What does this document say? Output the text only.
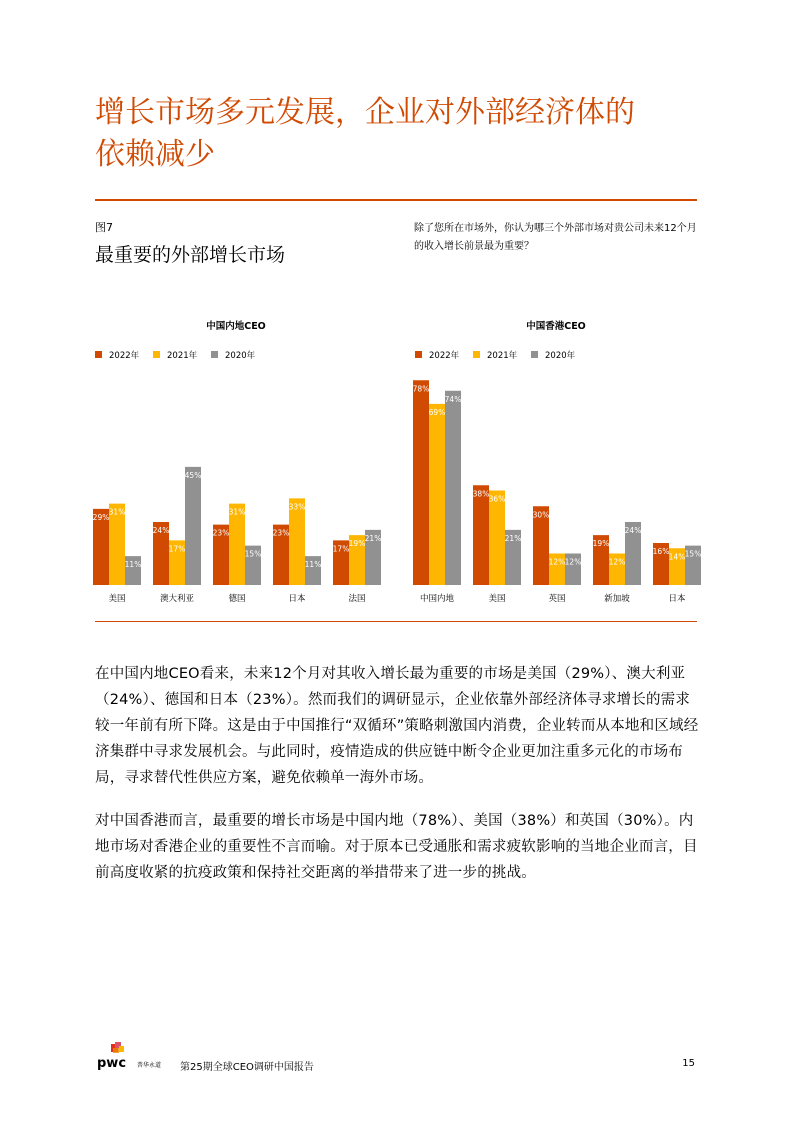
增长市场多元发展，企业对外部经济体的
依赖减少
图7
最重要的外部增长市场
除了您所在市场外，你认为哪三个外部市场对贵公司未来12个月的收入增长前景最为重要？
中国内地CEO
2022年	2021年	2020年
29%
31%
11%
美国
24%
17%
45%
澳大利亚
23%
31%
15%
德国
23%
33%
11%
日本
17%
19%
21%
法国
中国香港CEO
2022年	2021年	2020年
78%
69%
74%
中国内地
38%
36%
21%
美国
30%
12% 12%
英国
19%
12%
24%
新加坡
16%
14% 15%
日本

在中国内地CEO看来，未来12个月对其收入增长最为重要的市场是美国（29%）、澳大利亚（24%）、德国和日本（23%）。然而我们的调研显示，企业依靠外部经济体寻求增长的需求较一年前有所下降。这是由于中国推行“双循环”策略刺激国内消费，企业转而从本地和区域经济集群中寻求发展机会。与此同时，疫情造成的供应链中断令企业更加注重多元化的市场布局，寻求替代性供应方案，避免依赖单一海外市场。

对中国香港而言，最重要的增长市场是中国内地（78%）、美国（38%）和英国（30%）。内地市场对香港企业的重要性不言而喻。对于原本已受通胀和需求疲软影响的当地企业而言，目前高度收紧的抗疫政策和保持社交距离的举措带来了进一步的挑战。

pwc 普华永道 第25期全球CEO调研中国报告	15
